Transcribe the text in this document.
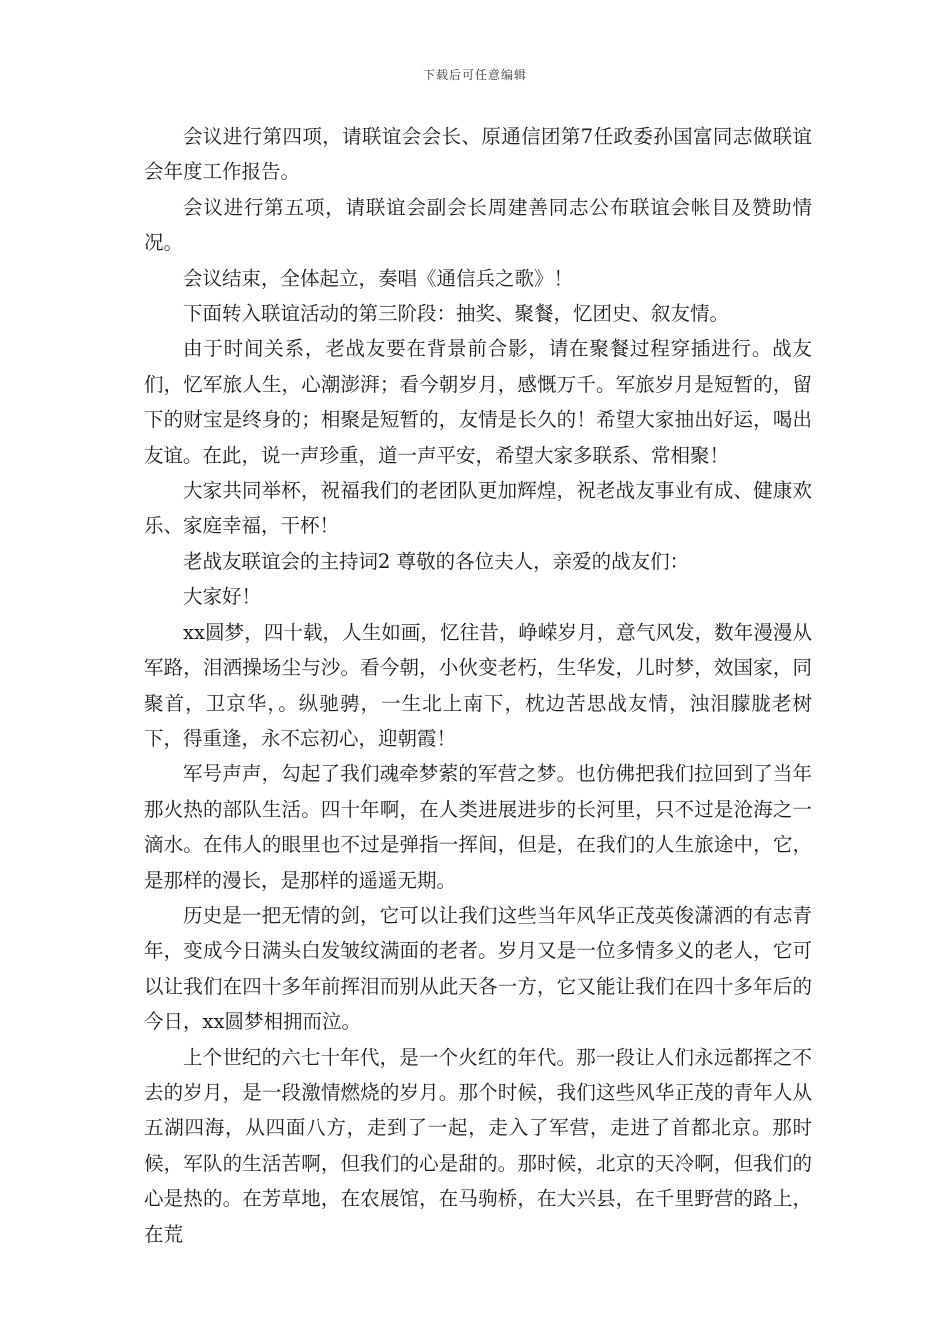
下载后可任意编辑

会议进行第四项，请联谊会会长、原通信团第7任政委孙国富同志做联谊会年度工作报告。

会议进行第五项，请联谊会副会长周建善同志公布联谊会帐目及赞助情况。

会议结束，全体起立，奏唱《通信兵之歌》！

下面转入联谊活动的第三阶段：抽奖、聚餐，忆团史、叙友情。

由于时间关系，老战友要在背景前合影，请在聚餐过程穿插进行。战友们，忆军旅人生，心潮澎湃；看今朝岁月，感慨万千。军旅岁月是短暂的，留下的财宝是终身的；相聚是短暂的，友情是长久的！希望大家抽出好运，喝出友谊。在此，说一声珍重，道一声平安，希望大家多联系、常相聚！

大家共同举杯，祝福我们的老团队更加辉煌，祝老战友事业有成、健康欢乐、家庭幸福，干杯！

老战友联谊会的主持词2 尊敬的各位夫人，亲爱的战友们：

大家好！

xx圆梦，四十载，人生如画，忆往昔，峥嵘岁月，意气风发，数年漫漫从军路，泪洒操场尘与沙。看今朝，小伙变老朽，生华发，儿时梦，效国家，同聚首，卫京华，。纵驰骋，一生北上南下，枕边苦思战友情，浊泪朦胧老树下，得重逢，永不忘初心，迎朝霞！

军号声声，勾起了我们魂牵梦萦的军营之梦。也仿佛把我们拉回到了当年那火热的部队生活。四十年啊，在人类进展进步的长河里，只不过是沧海之一滴水。在伟人的眼里也不过是弹指一挥间，但是，在我们的人生旅途中，它，是那样的漫长，是那样的遥遥无期。

历史是一把无情的剑，它可以让我们这些当年风华正茂英俊潇洒的有志青年，变成今日满头白发皱纹满面的老者。岁月又是一位多情多义的老人，它可以让我们在四十多年前挥泪而别从此天各一方，它又能让我们在四十多年后的今日，xx圆梦相拥而泣。

上个世纪的六七十年代，是一个火红的年代。那一段让人们永远都挥之不去的岁月，是一段激情燃烧的岁月。那个时候，我们这些风华正茂的青年人从五湖四海，从四面八方，走到了一起，走入了军营，走进了首都北京。那时候，军队的生活苦啊，但我们的心是甜的。那时候，北京的天冷啊，但我们的心是热的。在芳草地，在农展馆，在马驹桥，在大兴县，在千里野营的路上，在荒
